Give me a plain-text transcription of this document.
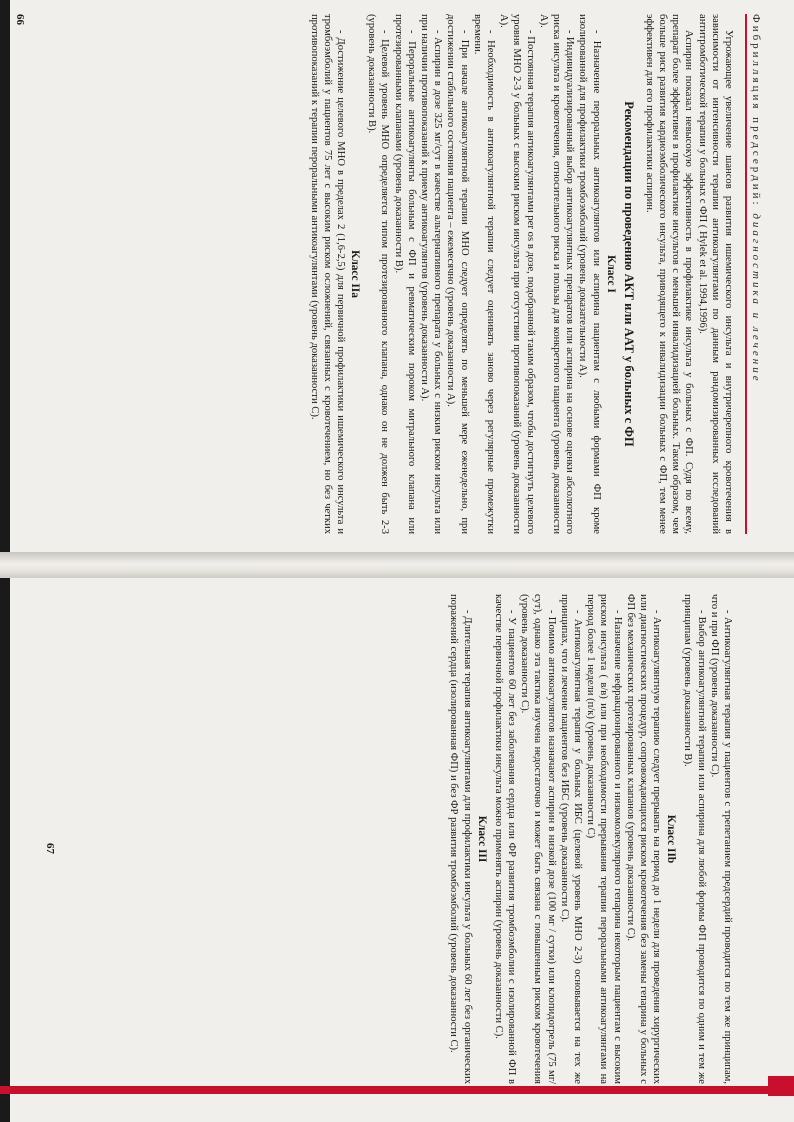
Фибрилляция предсердий: диагностика и лечение

Угрожающее увеличение шансов развития ишемического инсульта и внутричерепного кровотечения в зависимости от интенсивности терапии антикоагулянтами по данным рандомизированных исследований антитромботической терапии у больных с ФП ( Hylek et al. 1994,1996).

Аспирин показал невысокую эффективность в профилактике инсульта у больных с ФП. Судя по всему, препарат более эффективен в профилактике инсультов с меньшей инвалидизацией больных. Таким образом, чем больше риск развития кардиоэмболического инсульта, приводящего к инвалидизации больных с ФП, тем менее эффективен для его профилактики аспирин.

Рекомендации по проведению АКТ или ААТ у больных с ФП
Класс I

- Назначение пероральных антикоагулянтов или аспирина пациентам с любыми формами ФП кроме изолированной для профилактики тромбоэмболий (уровень доказательности А).

- Индивидуализированный выбор антикоагулянтных препаратов или аспирина на основе оценки абсолютного риска инсульта и кровотечения, относительного риска и пользы для конкретного пациента (уровень доказанности А).

- Постоянная терапия антикоагулянтами per os в дозе, подобранной таким образом, чтобы достигнуть целевого уровня МНО 2-3 у больных с высоким риском инсульта при отсутствии противопоказаний (уровень доказанности А).

- Необходимость в антикоагулянтной терапии следует оценивать заново через регулярные промежутки времени.

- При начале антикоагулянтной терапии МНО следует определять по меньшей мере еженедельно, при достижении стабильного состояния пациента – ежемесячно (уровень доказанности А).

- Аспирин в дозе 325 мг/сут в качестве альтернативного препарата у больных с низким риском инсульта или при наличии противопоказаний к приему антикоагулянтов (уровень доказанности А).

- Пероральные антикоагулянты больным с ФП и ревматическим пороком митрального клапана или протезированными клапанами (уровень доказанности В).

- Целевой уровень МНО определяется типом протезированного клапана, однако он не должен быть 2-3 (уровень доказанности В).

Класс IIa

- Достижение целевого МНО в пределах 2 (1,6-2,5) для первичной профилактики ишемического инсульта и тромбоэмболий у пациентов 75 лет с высоким риском осложнений, связанных с кровотечением, но без четких противопоказаний к терапии пероральными антикоагулянтами (уровень доказанности С).

66

- Антикоагулянтная терапия у пациентов с трепетанием предсердий проводится по тем же принципам, что и при ФП (уровень доказанности С).

- Выбор антикоагулянтной терапии или аспирина для любой формы ФП проводится по одним и тем же принципам (уровень доказанности В).

Класс IIb

- Антикоагулянтную терапию следует прерывать на период до 1 недели для проведения хирургических или диагностических процедур, сопровождающихся риском кровотечения без замены гепарина у больных с ФП без механических протезированных клапанов (уровень доказанности С).

- Назначение нефракционированного и низкомолекулярного гепарина некоторым пациентам с высоким риском инсульта ( в/в) или при необходимости прерывания терапии пероральными антикоагулянтами на период более 1 недели (п/к) (уровень доказанности С)

- Антикоагулянтная терапия у больных ИБС (целевой уровень МНО 2-3) основывается на тех же принципах, что и лечение пациентов без ИБС (уровень доказанности С).

- Помимо антикоагулянтов назначают аспирин в низкой дозе (100 мг / сутки) или клопидогрель (75 мг/сут), однако эта тактика изучена недостаточно и может быть связана с повышенным риском кровотечения (уровень доказанности С).

- У пациентов 60 лет без заболевания сердца или ФР развития тромбоэмболии с изолированной ФП в качестве первичной профилактики инсульта можно применять аспирин (уровень доказанности С).

Класс III

- Длительная терапия антикоагулянтами для профилактики инсульта у больных 60 лет без органических поражений сердца (изолированная ФП) и без ФР развития тромбоэмболий (уровень доказанности С).

67
